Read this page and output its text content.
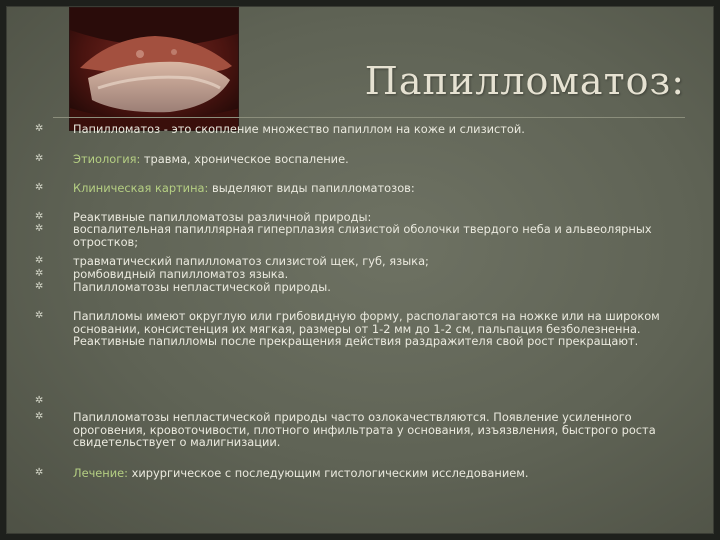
Папилломатоз:
✲	Папилломатоз - это скопление множество папиллом на коже и слизистой.
✲	Этиология: травма, хроническое воспаление.
✲	Клиническая картина: выделяют виды папилломатозов:
✲	Реактивные папилломатозы различной природы:
✲	воспалительная папиллярная гиперплазия слизистой оболочки твердого неба и альвеолярных отростков;
✲	травматический папилломатоз слизистой щек, губ, языка;
✲	ромбовидный папилломатоз языка.
✲	Папилломатозы непластической природы.
✲	Папилломы имеют округлую или грибовидную форму, располагаются на ножке или на широком основании, консистенция их мягкая, размеры от 1-2 мм до 1-2 см, пальпация безболезненна. Реактивные папилломы после прекращения действия раздражителя свой рост прекращают.
✲
✲	Папилломатозы непластической природы часто озлокачествляются. Появление усиленного ороговения, кровоточивости, плотного инфильтрата у основания, изъязвления, быстрого роста свидетельствует о малигнизации.
✲	Лечение: хирургическое с последующим гистологическим исследованием.
